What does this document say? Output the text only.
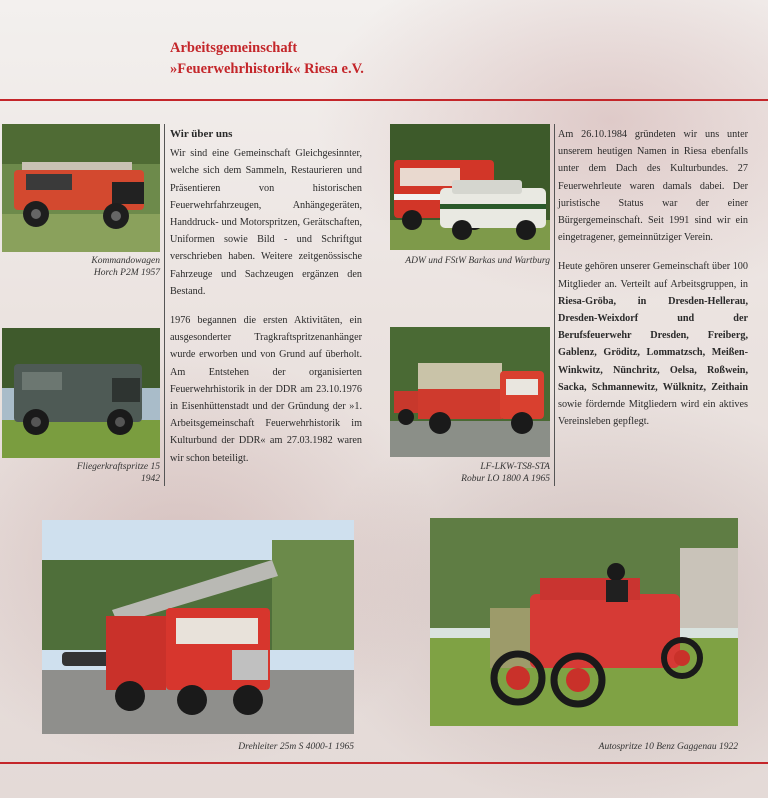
Arbeitsgemeinschaft
»Feuerwehrhistorik« Riesa e.V.
Kommandowagen
Horch P2M 1957
Fliegerkraftspritze 15
1942
Wir über uns

Wir sind eine Gemeinschaft Gleichgesinnter, welche sich dem Sammeln, Restaurieren und Präsentieren von historischen Feuerwehrfahrzeugen, Anhängegeräten, Handdruck- und Motorspritzen, Gerätschaften, Uniformen sowie Bild - und Schriftgut verschrieben haben. Weitere zeitgenössische Fahrzeuge und Sachzeugen ergänzen den Bestand.

1976 begannen die ersten Aktivitäten, ein ausgesonderter Tragkraftspritzenanhänger wurde erworben und von Grund auf überholt. Am Entstehen der organisierten Feuerwehrhistorik in der DDR am 23.10.1976 in Eisenhüttenstadt und der Gründung der »1. Arbeitsgemeinschaft Feuerwehrhistorik im Kulturbund der DDR« am 27.03.1982 waren wir schon beteiligt.

ADW und FStW Barkas und Wartburg
LF-LKW-TS8-STA
Robur LO 1800 A 1965

Am 26.10.1984 gründeten wir uns unter unserem heutigen Namen in Riesa ebenfalls unter dem Dach des Kulturbundes. 27 Feuerwehrleute waren damals dabei. Der juristische Status war der einer Bürgergemeinschaft. Seit 1991 sind wir ein eingetragener, gemeinnütziger Verein.

Heute gehören unserer Gemeinschaft über 100 Mitglieder an. Verteilt auf Arbeitsgruppen, in Riesa-Gröba, in Dresden-Hellerau, Dresden-Weixdorf und der Berufsfeuerwehr Dresden, Freiberg, Gablenz, Gröditz, Lommatzsch, Meißen-Winkwitz, Nünchritz, Oelsa, Roßwein, Sacka, Schmannewitz, Wülknitz, Zeithain sowie fördernde Mitgliedern wird ein aktives Vereinsleben gepflegt.

Drehleiter 25m S 4000-1 1965	Autospritze 10 Benz Gaggenau 1922
